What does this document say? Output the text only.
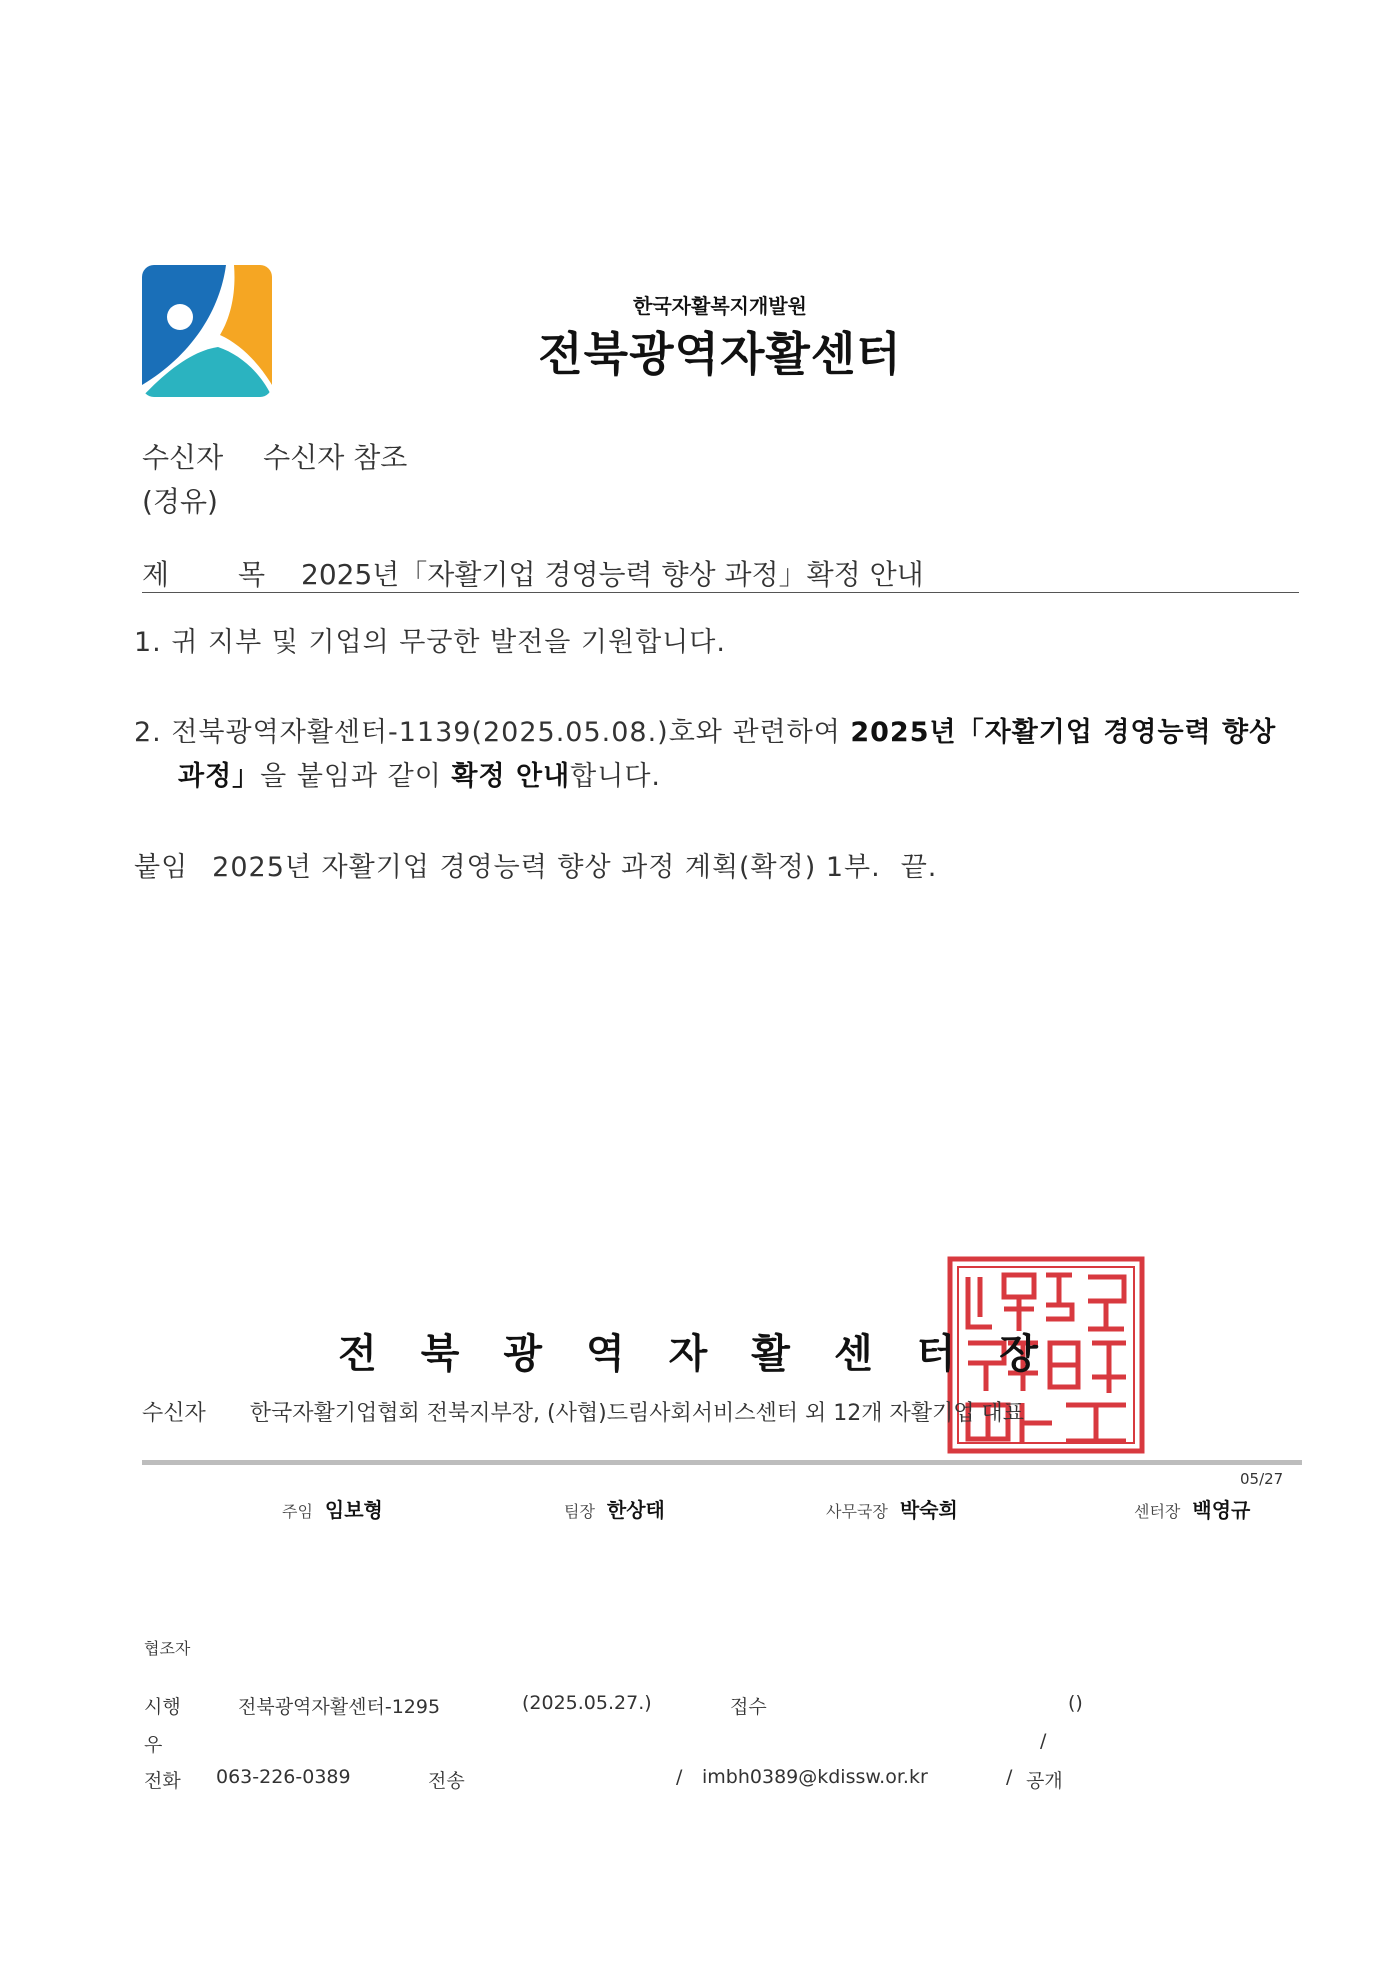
한국자활복지개발원
전북광역자활센터
수신자 수신자 참조
(경유)
제 목 2025년「자활기업 경영능력 향상 과정」확정 안내
1. 귀 지부 및 기업의 무궁한 발전을 기원합니다.
2. 전북광역자활센터-1139(2025.05.08.)호와 관련하여 2025년「자활기업 경영능력 향상
과정」을 붙임과 같이 확정 안내합니다.
붙임 2025년 자활기업 경영능력 향상 과정 계획(확정) 1부. 끝.
전북광역자활센터장
수신자 한국자활기업협회 전북지부장, (사협)드림사회서비스센터 외 12개 자활기업 대표
05/27
주임 임보형	팀장 한상태	사무국장 박숙희	센터장 백영규
협조자
시행	전북광역자활센터-1295	(2025.05.27.)	접수	()
우	/
전화 063-226-0389	전송	/ imbh0389@kdissw.or.kr	/ 공개
